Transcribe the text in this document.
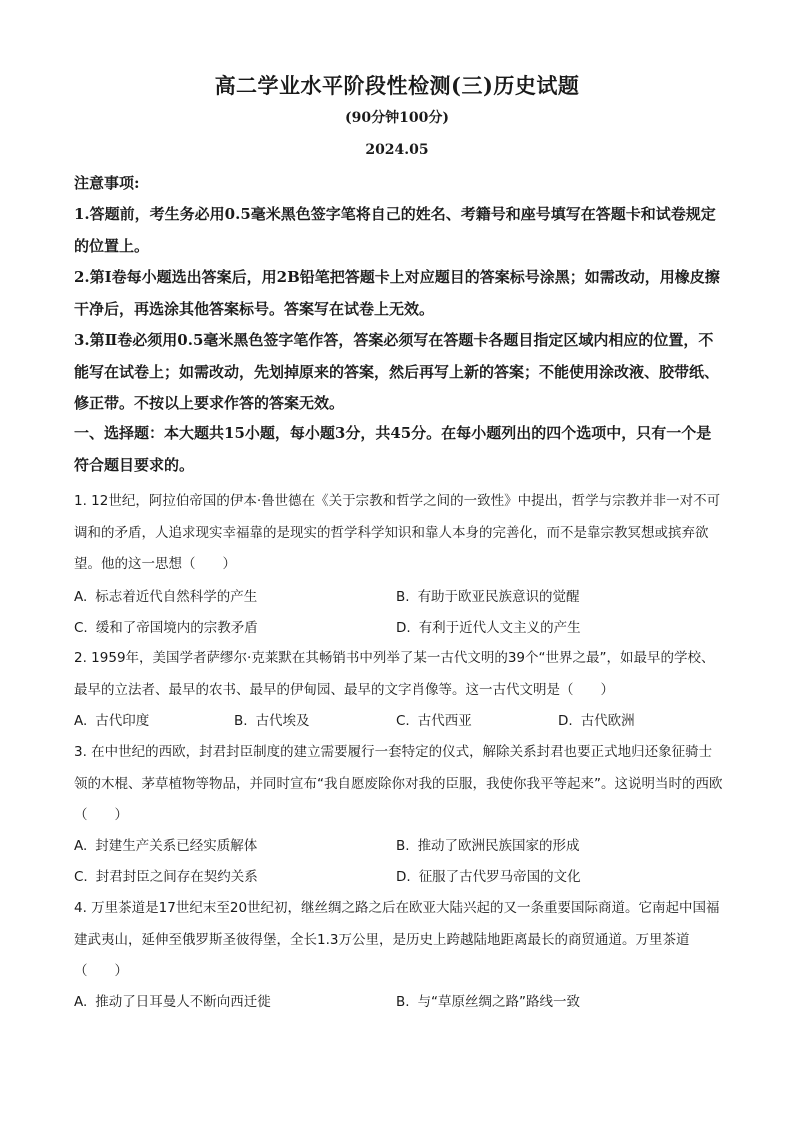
高二学业水平阶段性检测(三)历史试题
(90分钟100分)
2024.05
注意事项:
1.答题前，考生务必用0.5毫米黑色签字笔将自己的姓名、考籍号和座号填写在答题卡和试卷规定的位置上。
2.第Ⅰ卷每小题选出答案后，用2B铅笔把答题卡上对应题目的答案标号涂黑；如需改动，用橡皮擦干净后，再选涂其他答案标号。答案写在试卷上无效。
3.第Ⅱ卷必须用0.5毫米黑色签字笔作答，答案必须写在答题卡各题目指定区域内相应的位置，不能写在试卷上；如需改动，先划掉原来的答案，然后再写上新的答案；不能使用涂改液、胶带纸、修正带。不按以上要求作答的答案无效。
一、选择题：本大题共15小题，每小题3分，共45分。在每小题列出的四个选项中，只有一个是符合题目要求的。
1. 12世纪，阿拉伯帝国的伊本·鲁世德在《关于宗教和哲学之间的一致性》中提出，哲学与宗教并非一对不可调和的矛盾，人追求现实幸福靠的是现实的哲学科学知识和靠人本身的完善化，而不是靠宗教冥想或摈弃欲望。他的这一思想（　　）
A. 标志着近代自然科学的产生	B. 有助于欧亚民族意识的觉醒
C. 缓和了帝国境内的宗教矛盾	D. 有利于近代人文主义的产生
2. 1959年，美国学者萨缪尔·克莱默在其畅销书中列举了某一古代文明的39个“世界之最”，如最早的学校、最早的立法者、最早的农书、最早的伊甸园、最早的文字肖像等。这一古代文明是（　　）
A. 古代印度	B. 古代埃及	C. 古代西亚	D. 古代欧洲
3. 在中世纪的西欧，封君封臣制度的建立需要履行一套特定的仪式，解除关系封君也要正式地归还象征骑士领的木棍、茅草植物等物品，并同时宣布“我自愿废除你对我的臣服，我使你我平等起来”。这说明当时的西欧（　　）
A. 封建生产关系已经实质解体	B. 推动了欧洲民族国家的形成
C. 封君封臣之间存在契约关系	D. 征服了古代罗马帝国的文化
4. 万里茶道是17世纪末至20世纪初，继丝绸之路之后在欧亚大陆兴起的又一条重要国际商道。它南起中国福建武夷山，延伸至俄罗斯圣彼得堡，全长1.3万公里，是历史上跨越陆地距离最长的商贸通道。万里茶道（　　）
A. 推动了日耳曼人不断向西迁徙	B. 与“草原丝绸之路”路线一致
